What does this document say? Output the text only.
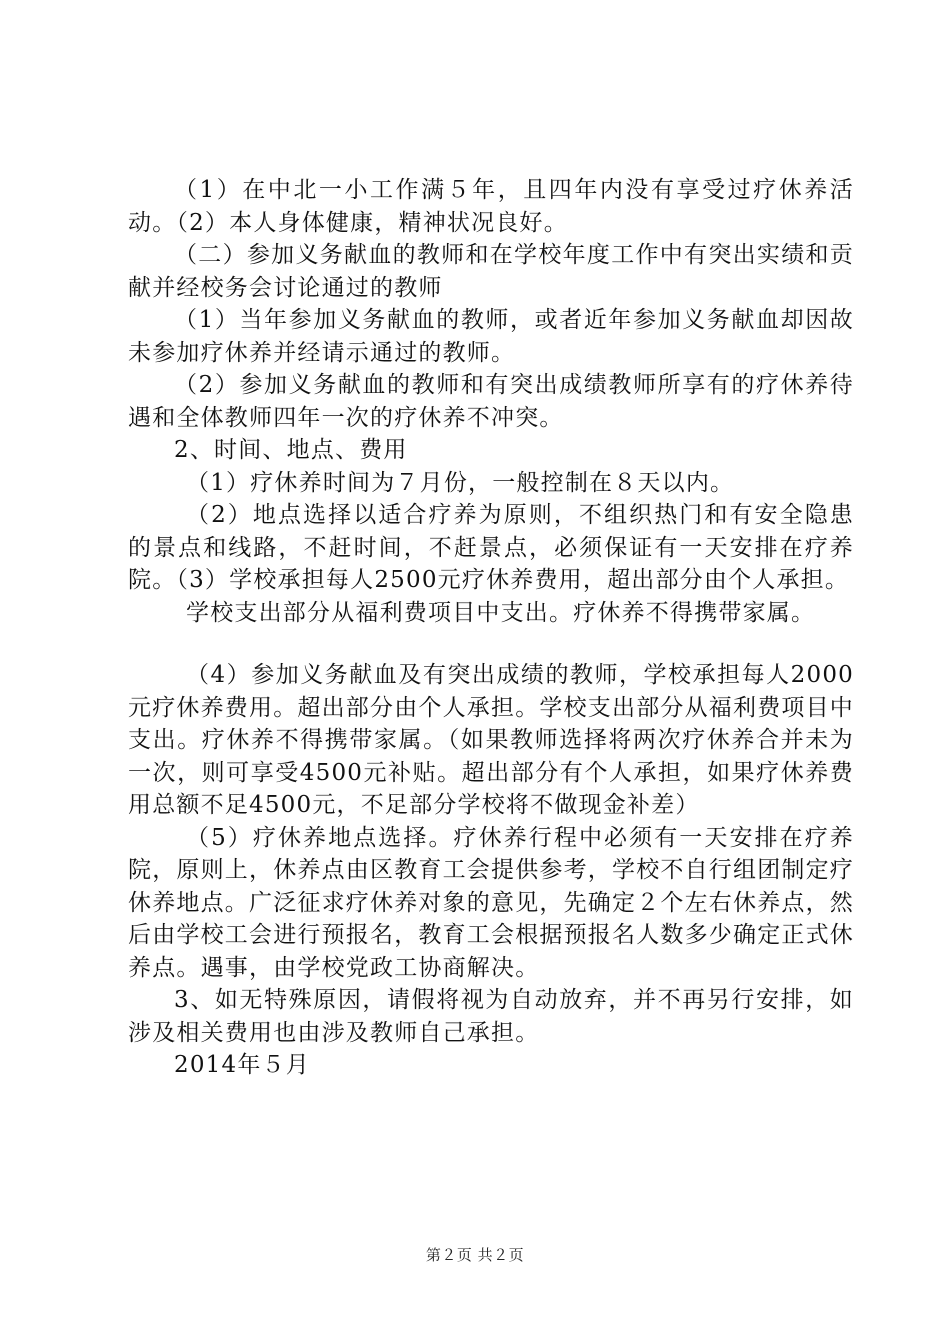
（1）在中北一小工作满５年，且四年内没有享受过疗休养活动。（2）本人身体健康，精神状况良好。

（二）参加义务献血的教师和在学校年度工作中有突出实绩和贡献并经校务会讨论通过的教师

（1）当年参加义务献血的教师，或者近年参加义务献血却因故未参加疗休养并经请示通过的教师。

（2）参加义务献血的教师和有突出成绩教师所享有的疗休养待遇和全体教师四年一次的疗休养不冲突。

2、时间、地点、费用

（1）疗休养时间为７月份，一般控制在８天以内。

（2）地点选择以适合疗养为原则，不组织热门和有安全隐患的景点和线路，不赶时间，不赶景点，必须保证有一天安排在疗养院。（3）学校承担每人2500元疗休养费用，超出部分由个人承担。

学校支出部分从福利费项目中支出。疗休养不得携带家属。

（4）参加义务献血及有突出成绩的教师，学校承担每人2000元疗休养费用。超出部分由个人承担。学校支出部分从福利费项目中支出。疗休养不得携带家属。（如果教师选择将两次疗休养合并未为一次，则可享受4500元补贴。超出部分有个人承担，如果疗休养费用总额不足4500元，不足部分学校将不做现金补差）

（5）疗休养地点选择。疗休养行程中必须有一天安排在疗养院，原则上，休养点由区教育工会提供参考，学校不自行组团制定疗休养地点。广泛征求疗休养对象的意见，先确定２个左右休养点，然后由学校工会进行预报名，教育工会根据预报名人数多少确定正式休养点。遇事，由学校党政工协商解决。

3、如无特殊原因，请假将视为自动放弃，并不再另行安排，如涉及相关费用也由涉及教师自己承担。

2014年５月

第２页 共２页
